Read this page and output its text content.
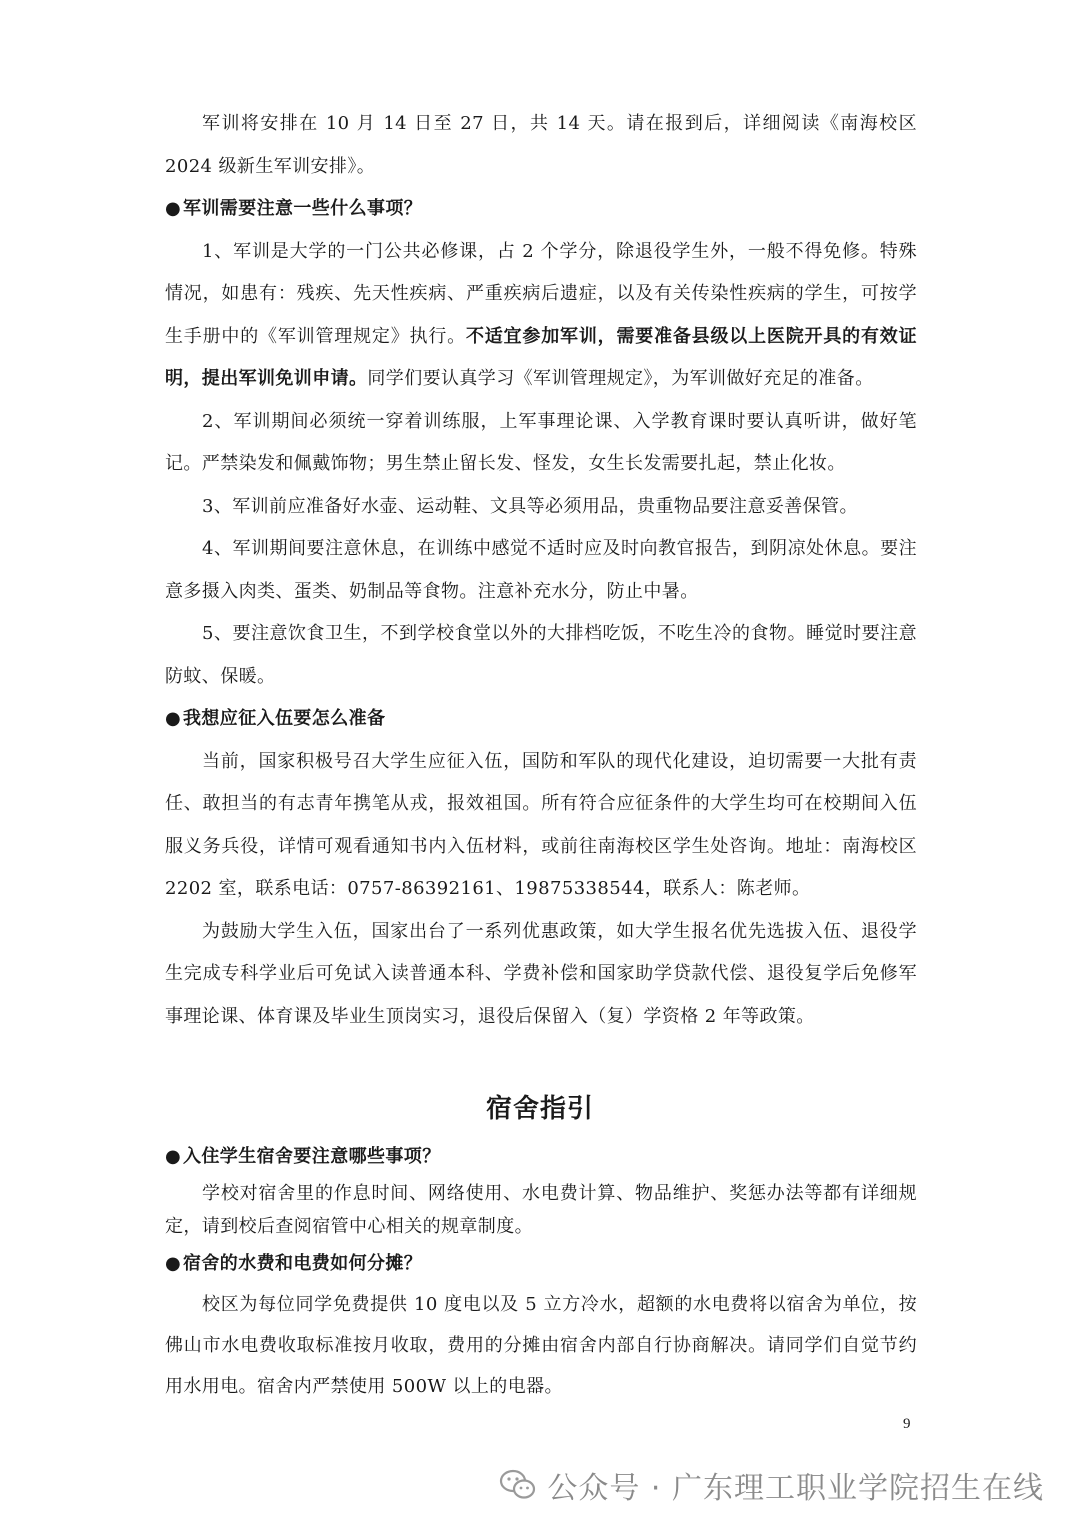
军训将安排在 10 月 14 日至 27 日，共 14 天。请在报到后，详细阅读《南海校区 2024 级新生军训安排》。

● 军训需要注意一些什么事项？

1、军训是大学的一门公共必修课，占 2 个学分，除退役学生外，一般不得免修。特殊情况，如患有：残疾、先天性疾病、严重疾病后遗症，以及有关传染性疾病的学生，可按学生手册中的《军训管理规定》执行。不适宜参加军训，需要准备县级以上医院开具的有效证明，提出军训免训申请。同学们要认真学习《军训管理规定》，为军训做好充足的准备。

2、军训期间必须统一穿着训练服，上军事理论课、入学教育课时要认真听讲，做好笔记。严禁染发和佩戴饰物；男生禁止留长发、怪发，女生长发需要扎起，禁止化妆。

3、军训前应准备好水壶、运动鞋、文具等必须用品，贵重物品要注意妥善保管。

4、军训期间要注意休息，在训练中感觉不适时应及时向教官报告，到阴凉处休息。要注意多摄入肉类、蛋类、奶制品等食物。注意补充水分，防止中暑。

5、要注意饮食卫生，不到学校食堂以外的大排档吃饭，不吃生冷的食物。睡觉时要注意防蚊、保暖。

● 我想应征入伍要怎么准备

当前，国家积极号召大学生应征入伍，国防和军队的现代化建设，迫切需要一大批有责任、敢担当的有志青年携笔从戎，报效祖国。所有符合应征条件的大学生均可在校期间入伍服义务兵役，详情可观看通知书内入伍材料，或前往南海校区学生处咨询。地址：南海校区 2202 室，联系电话：0757-86392161、19875338544，联系人：陈老师。

为鼓励大学生入伍，国家出台了一系列优惠政策，如大学生报名优先选拔入伍、退役学生完成专科学业后可免试入读普通本科、学费补偿和国家助学贷款代偿、退役复学后免修军事理论课、体育课及毕业生顶岗实习，退役后保留入（复）学资格 2 年等政策。

宿舍指引

● 入住学生宿舍要注意哪些事项？

学校对宿舍里的作息时间、网络使用、水电费计算、物品维护、奖惩办法等都有详细规定，请到校后查阅宿管中心相关的规章制度。

● 宿舍的水费和电费如何分摊？

校区为每位同学免费提供 10 度电以及 5 立方冷水，超额的水电费将以宿舍为单位，按佛山市水电费收取标准按月收取，费用的分摊由宿舍内部自行协商解决。请同学们自觉节约用水用电。宿舍内严禁使用 500W 以上的电器。

9
公众号 · 广东理工职业学院招生在线
